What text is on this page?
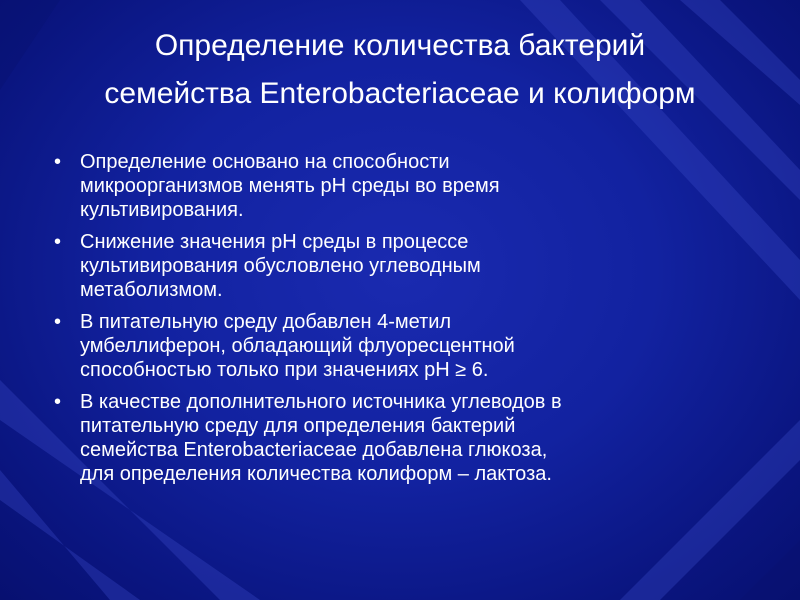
Определение количества бактерий
семейства Enterobacteriaceae и колиформ
• Определение основано на способности
микроорганизмов менять рН среды во время
культивирования.
• Снижение значения рН среды в процессе
культивирования обусловлено углеводным
метаболизмом.
• В питательную среду добавлен 4-метил
умбеллиферон, обладающий флуоресцентной
способностью только при значениях рН ≥ 6.
• В качестве дополнительного источника углеводов в
питательную среду для определения бактерий
семейства Enterobacteriaceae добавлена глюкоза,
для определения количества колиформ – лактоза.
